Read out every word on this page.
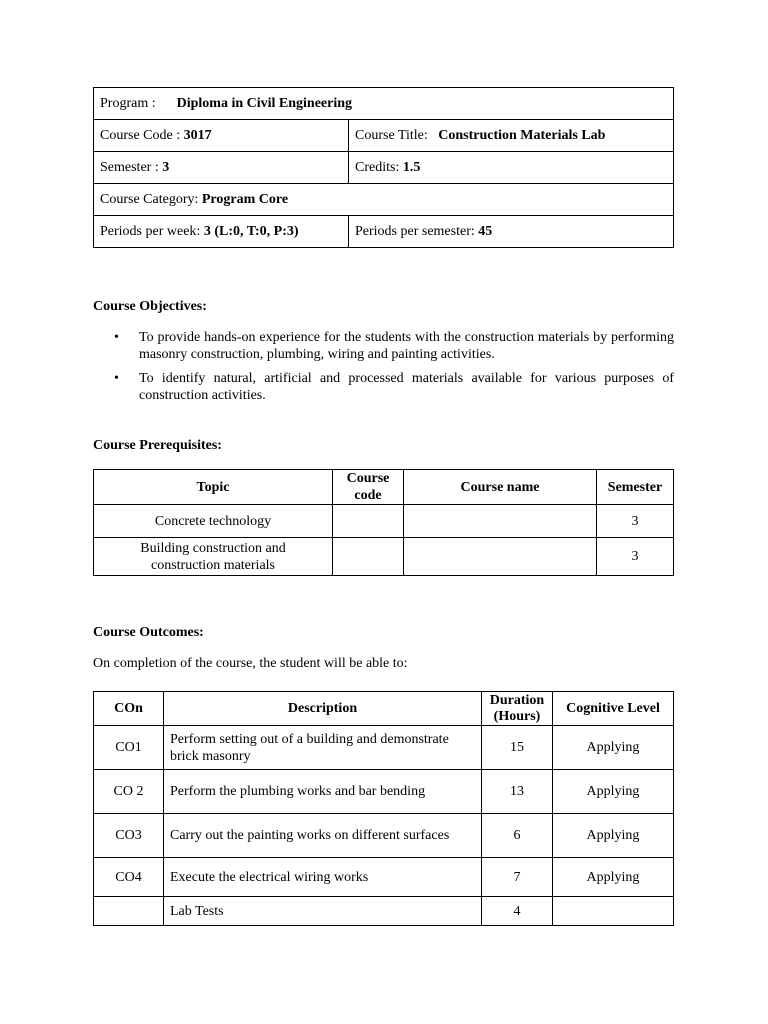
Program : Diploma in Civil Engineering	
Course Code : 3017	Course Title: Construction Materials Lab
Semester : 3	Credits: 1.5
Course Category: Program Core	
Periods per week: 3 (L:0, T:0, P:3)	Periods per semester: 45
Course Objectives:
• To provide hands-on experience for the students with the construction materials by performing masonry construction, plumbing, wiring and painting activities.
• To identify natural, artificial and processed materials available for various purposes of construction activities.
Course Prerequisites:
Topic	Course code	Course name	Semester
Concrete technology			3
Building construction and construction materials			3
Course Outcomes:
On completion of the course, the student will be able to:
COn	Description	Duration (Hours)	Cognitive Level
CO1	Perform setting out of a building and demonstrate brick masonry	15	Applying
CO 2	Perform the plumbing works and bar bending	13	Applying
CO3	Carry out the painting works on different surfaces	6	Applying
CO4	Execute the electrical wiring works	7	Applying
	Lab Tests	4	
